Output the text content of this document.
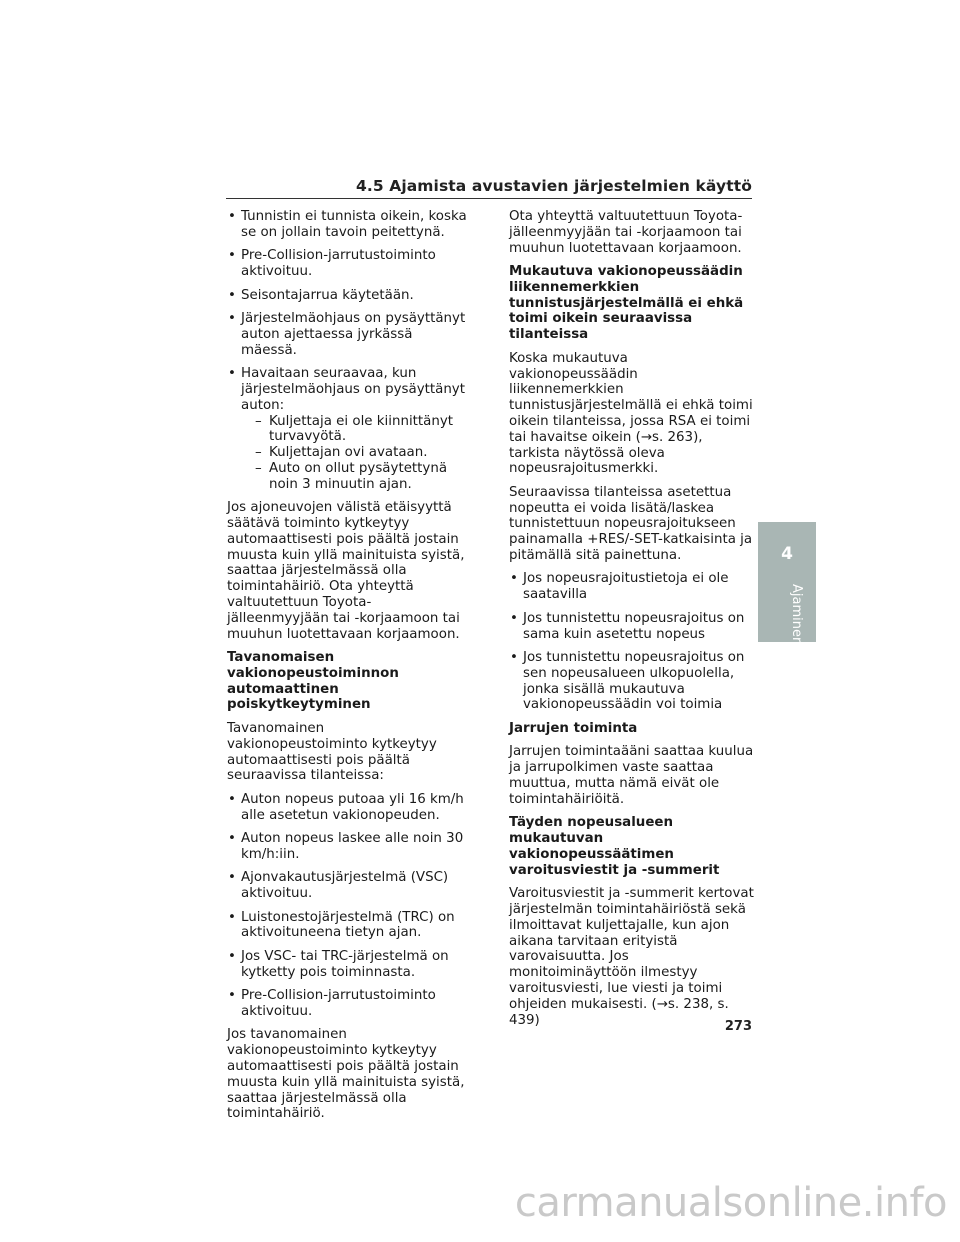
4.5 Ajamista avustavien järjestelmien käyttö
• Tunnistin ei tunnista oikein, koska se on jollain tavoin peitettynä.
• Pre-Collision-jarrutustoiminto aktivoituu.
• Seisontajarrua käytetään.
• Järjestelmäohjaus on pysäyttänyt auton ajettaessa jyrkässä mäessä.
• Havaitaan seuraavaa, kun järjestelmäohjaus on pysäyttänyt auton:
– Kuljettaja ei ole kiinnittänyt turvavyötä.
– Kuljettajan ovi avataan.
– Auto on ollut pysäytettynä noin 3 minuutin ajan.

Jos ajoneuvojen välistä etäisyyttä säätävä toiminto kytkeytyy automaattisesti pois päältä jostain muusta kuin yllä mainituista syistä, saattaa järjestelmässä olla toimintahäiriö. Ota yhteyttä valtuutettuun Toyota-jälleenmyyjään tai -korjaamoon tai muuhun luotettavaan korjaamoon.

Tavanomaisen vakionopeustoiminnon automaattinen poiskytkeytyminen

Tavanomainen vakionopeustoiminto kytkeytyy automaattisesti pois päältä seuraavissa tilanteissa:

• Auton nopeus putoaa yli 16 km/h alle asetetun vakionopeuden.
• Auton nopeus laskee alle noin 30 km/h:iin.
• Ajonvakautusjärjestelmä (VSC) aktivoituu.
• Luistonestojärjestelmä (TRC) on aktivoituneena tietyn ajan.
• Jos VSC- tai TRC-järjestelmä on kytketty pois toiminnasta.
• Pre-Collision-jarrutustoiminto aktivoituu.

Jos tavanomainen vakionopeustoiminto kytkeytyy automaattisesti pois päältä jostain muusta kuin yllä mainituista syistä, saattaa järjestelmässä olla toimintahäiriö.

Ota yhteyttä valtuutettuun Toyota-jälleenmyyjään tai -korjaamoon tai muuhun luotettavaan korjaamoon.

Mukautuva vakionopeussäädin liikennemerkkien tunnistusjärjestelmällä ei ehkä toimi oikein seuraavissa tilanteissa

Koska mukautuva vakionopeussäädin liikennemerkkien tunnistusjärjestelmällä ei ehkä toimi oikein tilanteissa, jossa RSA ei toimi tai havaitse oikein (→s. 263), tarkista näytössä oleva nopeusrajoitusmerkki.

Seuraavissa tilanteissa asetettua nopeutta ei voida lisätä/laskea tunnistettuun nopeusrajoitukseen painamalla +RES/-SET-katkaisinta ja pitämällä sitä painettuna.

• Jos nopeusrajoitustietoja ei ole saatavilla
• Jos tunnistettu nopeusrajoitus on sama kuin asetettu nopeus
• Jos tunnistettu nopeusrajoitus on sen nopeusalueen ulkopuolella, jonka sisällä mukautuva vakionopeussäädin voi toimia
Jarrujen toiminta

Jarrujen toimintaääni saattaa kuulua ja jarrupolkimen vaste saattaa muuttua, mutta nämä eivät ole toimintahäiriöitä.

Täyden nopeusalueen mukautuvan vakionopeussäätimen varoitusviestit ja -summerit

Varoitusviestit ja -summerit kertovat järjestelmän toimintahäiriöstä sekä ilmoittavat kuljettajalle, kun ajon aikana tarvitaan erityistä varovaisuutta. Jos monitoiminäyttöön ilmestyy varoitusviesti, lue viesti ja toimi ohjeiden mukaisesti. (→s. 238, s. 439)

4
Ajaminen
273
carmanualsonline.info
